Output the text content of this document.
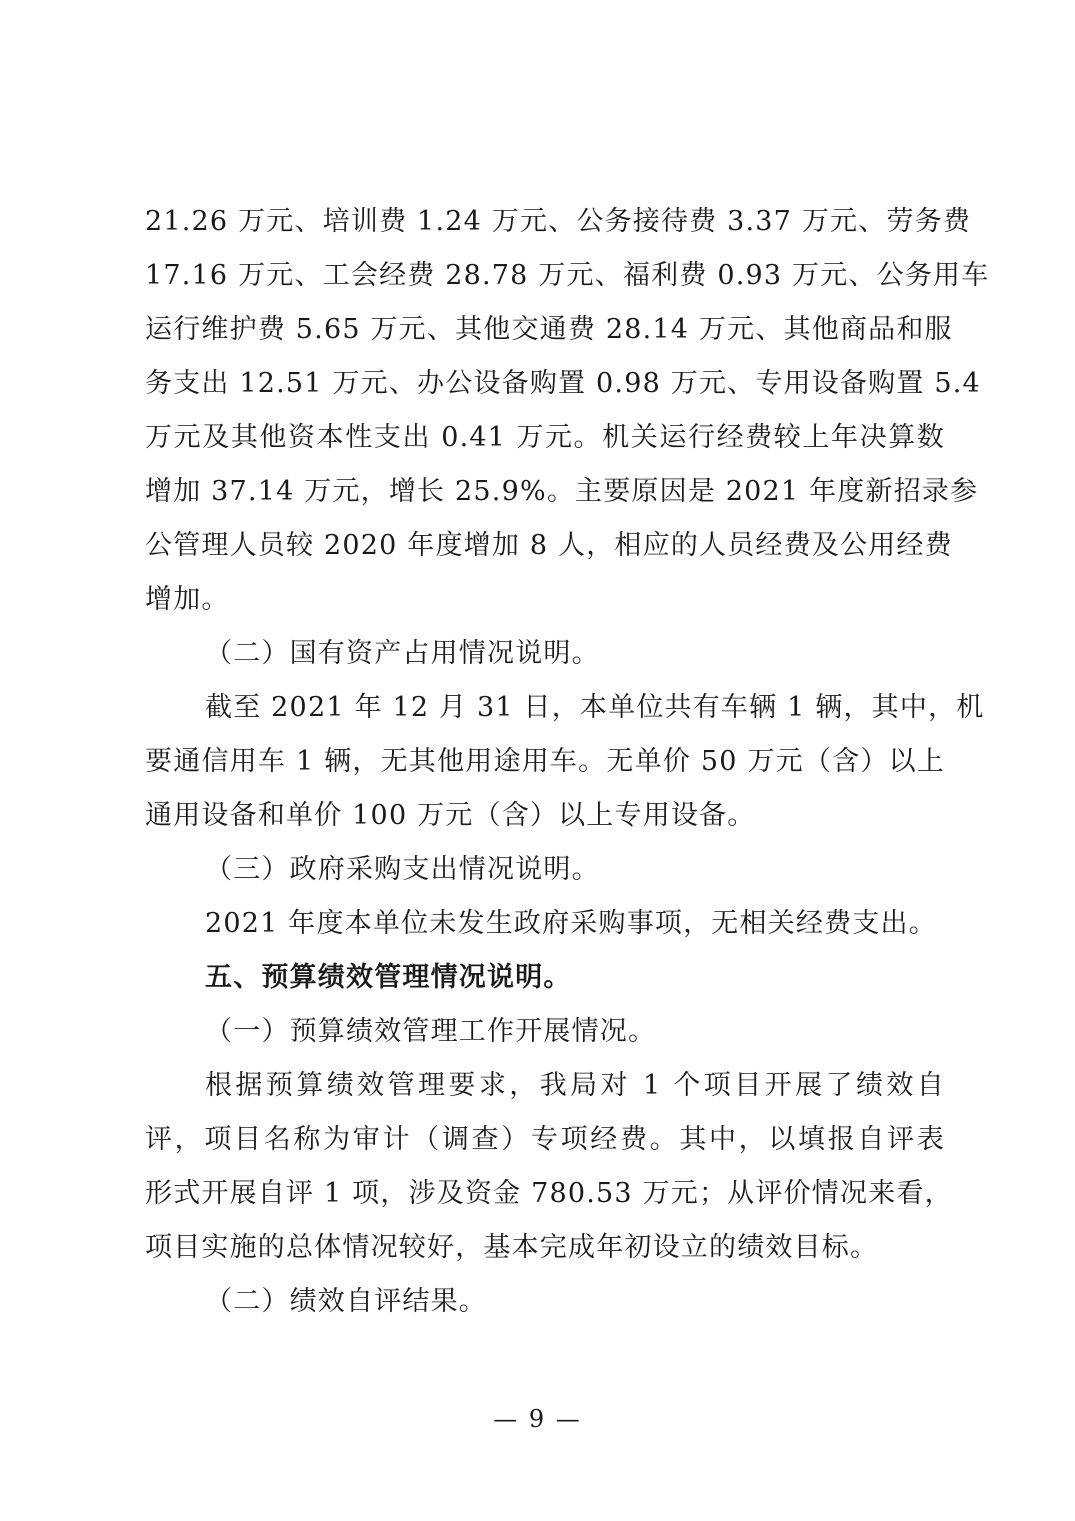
21.26 万元、培训费 1.24 万元、公务接待费 3.37 万元、劳务费
17.16 万元、工会经费 28.78 万元、福利费 0.93 万元、公务用车
运行维护费 5.65 万元、其他交通费 28.14 万元、其他商品和服
务支出 12.51 万元、办公设备购置 0.98 万元、专用设备购置 5.4
万元及其他资本性支出 0.41 万元。机关运行经费较上年决算数
增加 37.14 万元，增长 25.9%。主要原因是 2021 年度新招录参
公管理人员较 2020 年度增加 8 人，相应的人员经费及公用经费
增加。
（二）国有资产占用情况说明。
截至 2021 年 12 月 31 日，本单位共有车辆 1 辆，其中，机
要通信用车 1 辆，无其他用途用车。无单价 50 万元（含）以上
通用设备和单价 100 万元（含）以上专用设备。
（三）政府采购支出情况说明。
2021 年度本单位未发生政府采购事项，无相关经费支出。
五、预算绩效管理情况说明。
（一）预算绩效管理工作开展情况。
根据预算绩效管理要求，我局对 1 个项目开展了绩效自
评，项目名称为审计（调查）专项经费。其中，以填报自评表
形式开展自评 1 项，涉及资金 780.53 万元；从评价情况来看，
项目实施的总体情况较好，基本完成年初设立的绩效目标。
（二）绩效自评结果。
— 9 —
